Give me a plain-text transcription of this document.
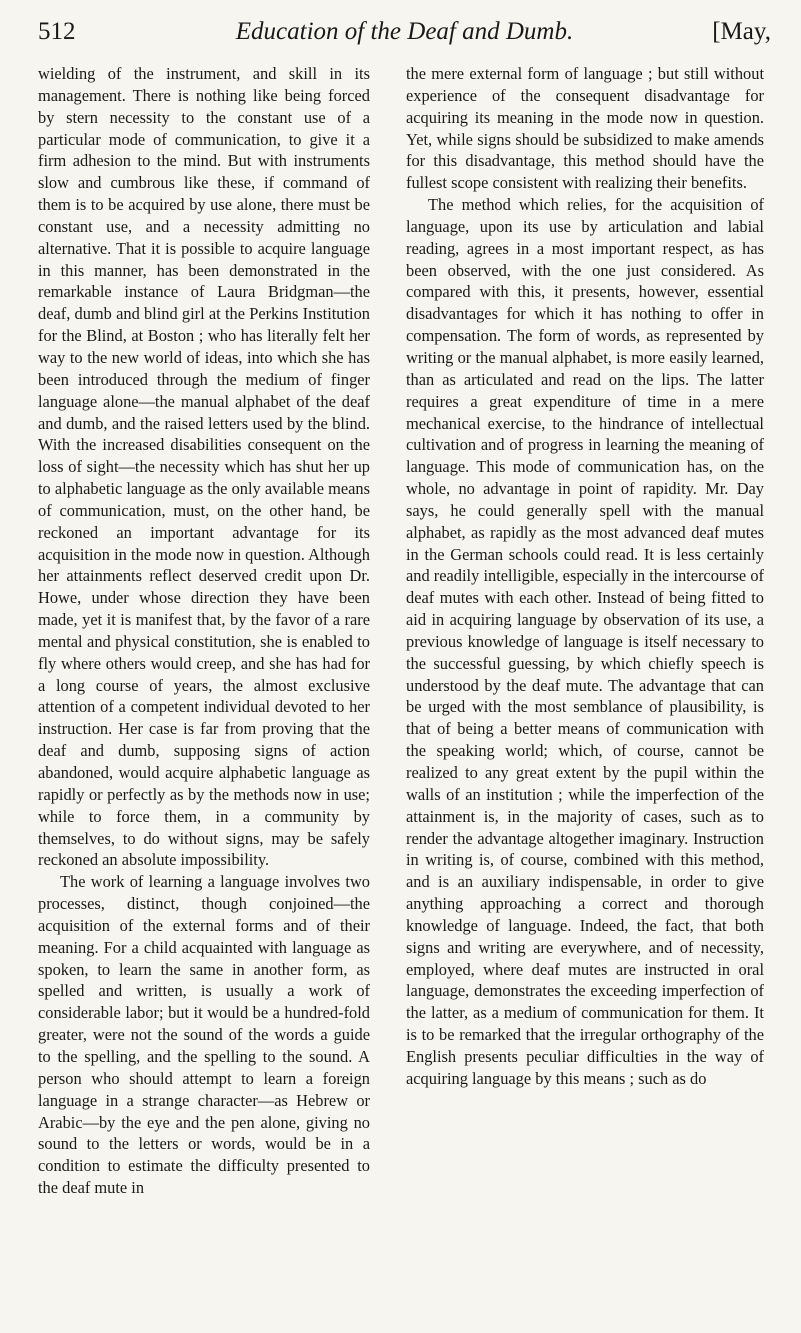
512	Education of the Deaf and Dumb.	[May,

wielding of the instrument, and skill in its management. There is nothing like being forced by stern necessity to the constant use of a particular mode of communication, to give it a firm adhesion to the mind. But with instruments slow and cumbrous like these, if command of them is to be acquired by use alone, there must be constant use, and a necessity admitting no alternative. That it is possible to acquire language in this manner, has been demonstrated in the remarkable instance of Laura Bridgman—the deaf, dumb and blind girl at the Perkins Institution for the Blind, at Boston ; who has literally felt her way to the new world of ideas, into which she has been introduced through the medium of finger language alone—the manual alphabet of the deaf and dumb, and the raised letters used by the blind. With the increased disabilities consequent on the loss of sight—the necessity which has shut her up to alphabetic language as the only available means of communication, must, on the other hand, be reckoned an important advantage for its acquisition in the mode now in question. Although her attainments reflect deserved credit upon Dr. Howe, under whose direction they have been made, yet it is manifest that, by the favor of a rare mental and physical constitution, she is enabled to fly where others would creep, and she has had for a long course of years, the almost exclusive attention of a competent individual devoted to her instruction. Her case is far from proving that the deaf and dumb, supposing signs of action abandoned, would acquire alphabetic language as rapidly or perfectly as by the methods now in use; while to force them, in a community by themselves, to do without signs, may be safely reckoned an absolute impossibility.

The work of learning a language involves two processes, distinct, though conjoined—the acquisition of the external forms and of their meaning. For a child acquainted with language as spoken, to learn the same in another form, as spelled and written, is usually a work of considerable labor; but it would be a hundred-fold greater, were not the sound of the words a guide to the spelling, and the spelling to the sound. A person who should attempt to learn a foreign language in a strange character—as Hebrew or Arabic—by the eye and the pen alone, giving no sound to the letters or words, would be in a condition to estimate the difficulty presented to the deaf mute in

the mere external form of language ; but still without experience of the consequent disadvantage for acquiring its meaning in the mode now in question. Yet, while signs should be subsidized to make amends for this disadvantage, this method should have the fullest scope consistent with realizing their benefits.

The method which relies, for the acquisition of language, upon its use by articulation and labial reading, agrees in a most important respect, as has been observed, with the one just considered. As compared with this, it presents, however, essential disadvantages for which it has nothing to offer in compensation. The form of words, as represented by writing or the manual alphabet, is more easily learned, than as articulated and read on the lips. The latter requires a great expenditure of time in a mere mechanical exercise, to the hindrance of intellectual cultivation and of progress in learning the meaning of language. This mode of communication has, on the whole, no advantage in point of rapidity. Mr. Day says, he could generally spell with the manual alphabet, as rapidly as the most advanced deaf mutes in the German schools could read. It is less certainly and readily intelligible, especially in the intercourse of deaf mutes with each other. Instead of being fitted to aid in acquiring language by observation of its use, a previous knowledge of language is itself necessary to the successful guessing, by which chiefly speech is understood by the deaf mute. The advantage that can be urged with the most semblance of plausibility, is that of being a better means of communication with the speaking world; which, of course, cannot be realized to any great extent by the pupil within the walls of an institution ; while the imperfection of the attainment is, in the majority of cases, such as to render the advantage altogether imaginary. Instruction in writing is, of course, combined with this method, and is an auxiliary indispensable, in order to give anything approaching a correct and thorough knowledge of language. Indeed, the fact, that both signs and writing are everywhere, and of necessity, employed, where deaf mutes are instructed in oral language, demonstrates the exceeding imperfection of the latter, as a medium of communication for them. It is to be remarked that the irregular orthography of the English presents peculiar difficulties in the way of acquiring language by this means ; such as do
